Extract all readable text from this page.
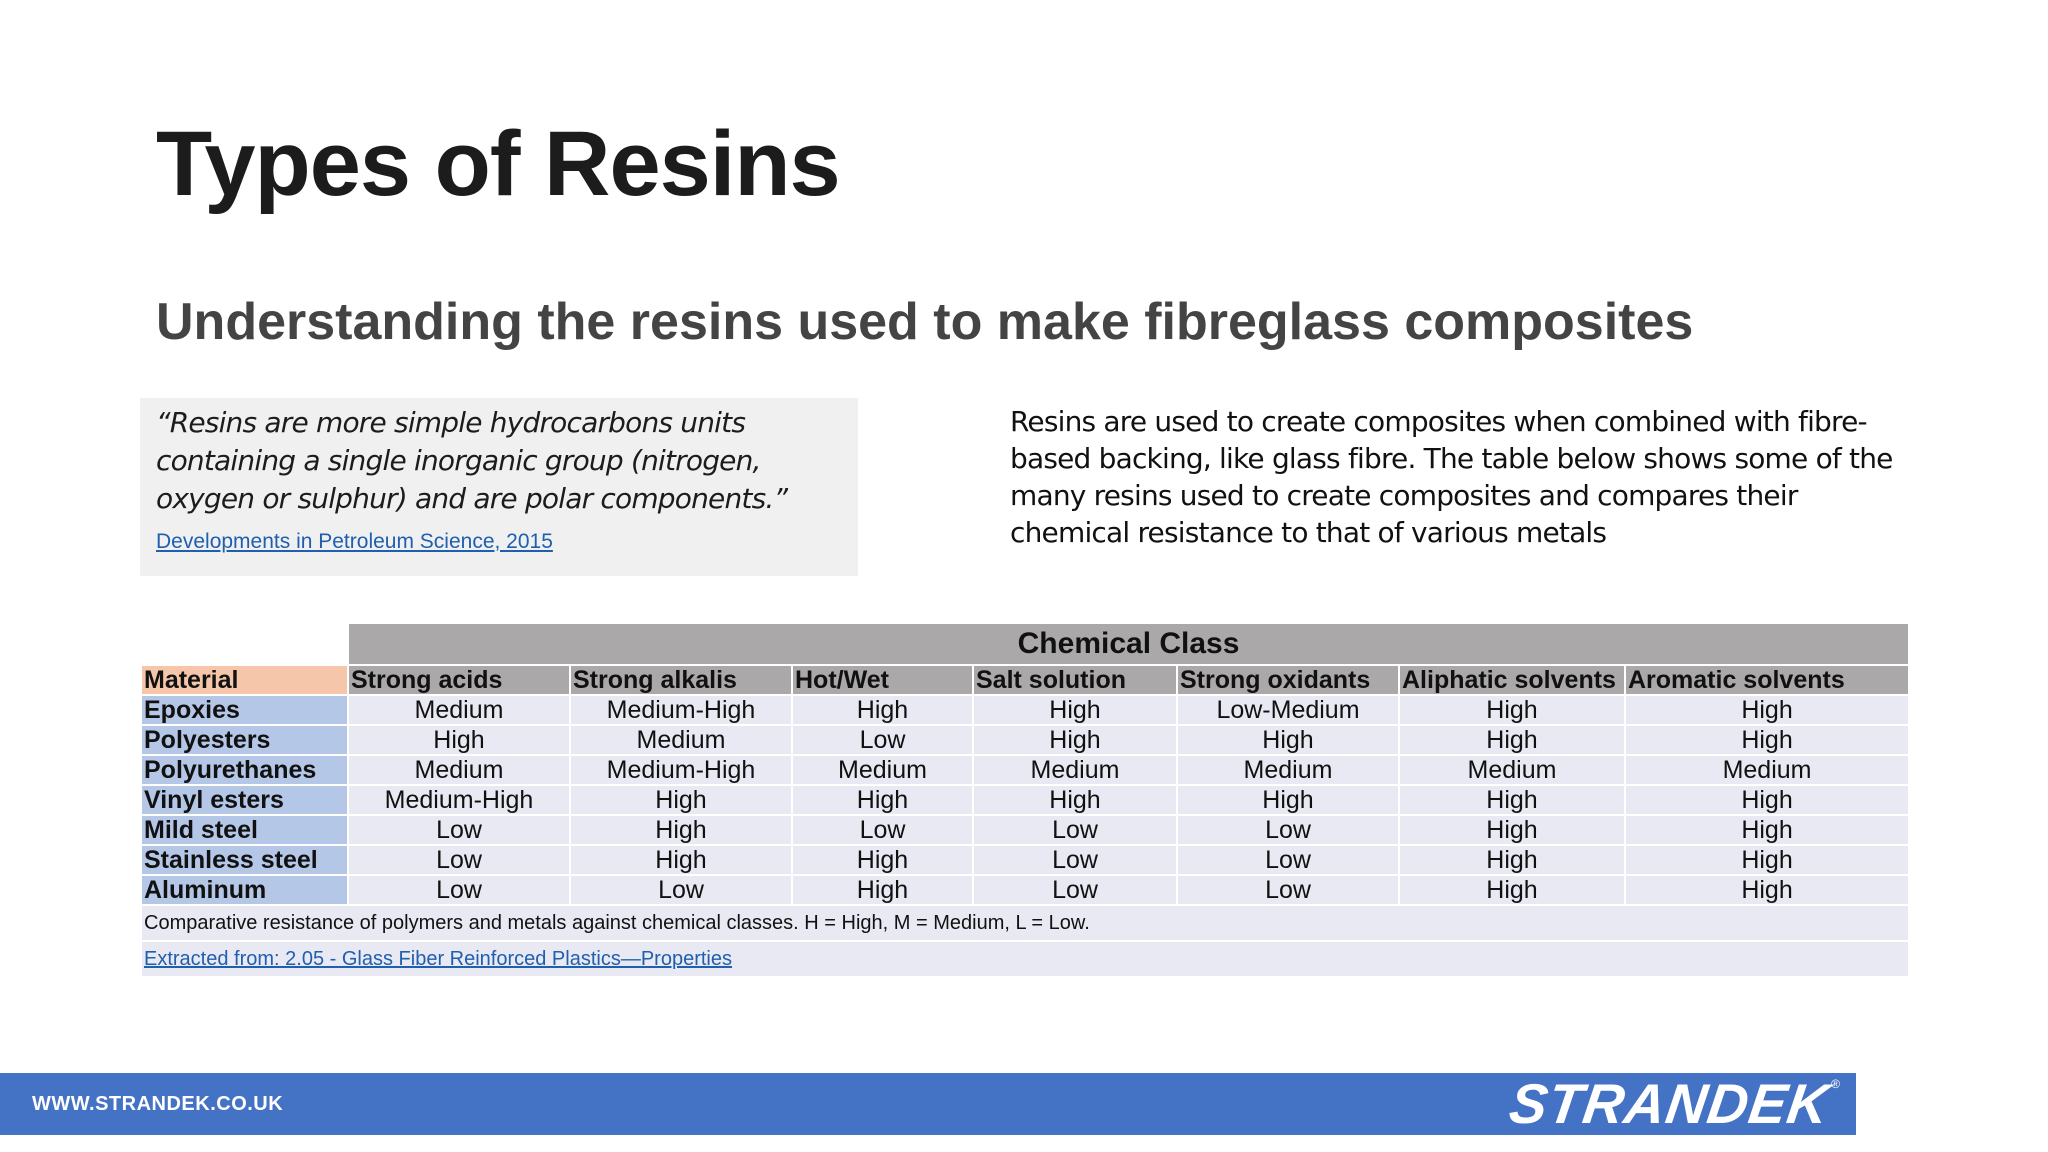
Types of Resins
Understanding the resins used to make fibreglass composites
“Resins are more simple hydrocarbons units containing a single inorganic group (nitrogen, oxygen or sulphur) and are polar components.”
Developments in Petroleum Science, 2015
Resins are used to create composites when combined with fibre-based backing, like glass fibre. The table below shows some of the many resins used to create composites and compares their chemical resistance to that of various metals
	Chemical Class						
Material	Strong acids	Strong alkalis	Hot/Wet	Salt solution	Strong oxidants	Aliphatic solvents	Aromatic solvents
Epoxies	Medium	Medium-High	High	High	Low-Medium	High	High
Polyesters	High	Medium	Low	High	High	High	High
Polyurethanes	Medium	Medium-High	Medium	Medium	Medium	Medium	Medium
Vinyl esters	Medium-High	High	High	High	High	High	High
Mild steel	Low	High	Low	Low	Low	High	High
Stainless steel	Low	High	High	Low	Low	High	High
Aluminum	Low	Low	High	Low	Low	High	High
Comparative resistance of polymers and metals against chemical classes. H = High, M = Medium, L = Low.							
Extracted from: 2.05 - Glass Fiber Reinforced Plastics—Properties							
WWW.STRANDEK.CO.UK	STRANDEK
®
